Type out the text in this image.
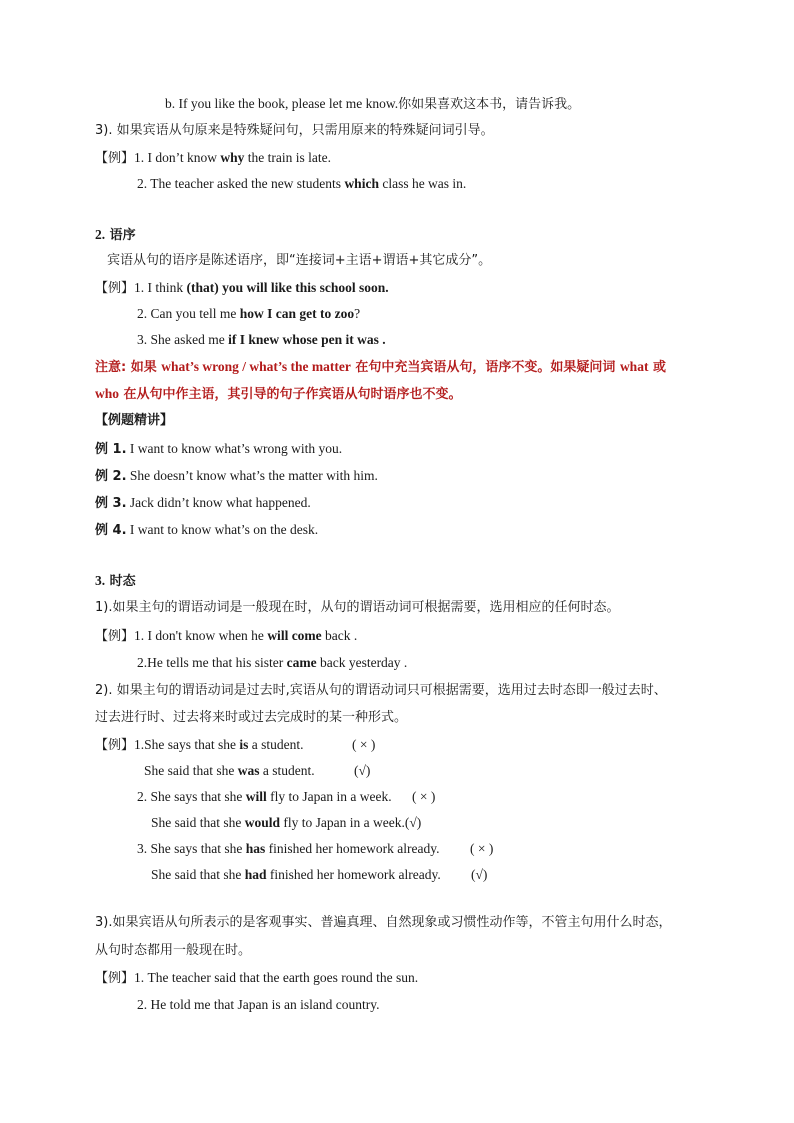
b. If you like the book, please let me know.你如果喜欢这本书，请告诉我。
3). 如果宾语从句原来是特殊疑问句，只需用原来的特殊疑问词引导。
【例】1. I don’t know why the train is late.
2. The teacher asked the new students which class he was in.
2. 语序
宾语从句的语序是陈述语序，即“连接词+主语+谓语+其它成分”。
【例】1. I think (that) you will like this school soon.
2. Can you tell me how I can get to zoo?
3. She asked me if I knew whose pen it was .
注意: 如果 what’s wrong / what’s the matter 在句中充当宾语从句，语序不变。如果疑问词 what 或
who 在从句中作主语，其引导的句子作宾语从句时语序也不变。
【例题精讲】
例 1. I want to know what’s wrong with you.
例 2. She doesn’t know what’s the matter with him.
例 3. Jack didn’t know what happened.
例 4. I want to know what’s on the desk.
3. 时态
1).如果主句的谓语动词是一般现在时，从句的谓语动词可根据需要，选用相应的任何时态。
【例】1. I don't know when he will come back .
2.He tells me that his sister came back yesterday .
2). 如果主句的谓语动词是过去时,宾语从句的谓语动词只可根据需要，选用过去时态即一般过去时、
过去进行时、过去将来时或过去完成时的某一种形式。
【例】1.She says that she is a student.	( × )
She said that she was a student.	(√)
2. She says that she will fly to Japan in a week. ( × )
She said that she would fly to Japan in a week.(√)
3. She says that she has finished her homework already. ( × )
She said that she had finished her homework already. (√)
3).如果宾语从句所表示的是客观事实、普遍真理、自然现象或习惯性动作等，不管主句用什么时态，
从句时态都用一般现在时。
【例】1. The teacher said that the earth goes round the sun.
2. He told me that Japan is an island country.
